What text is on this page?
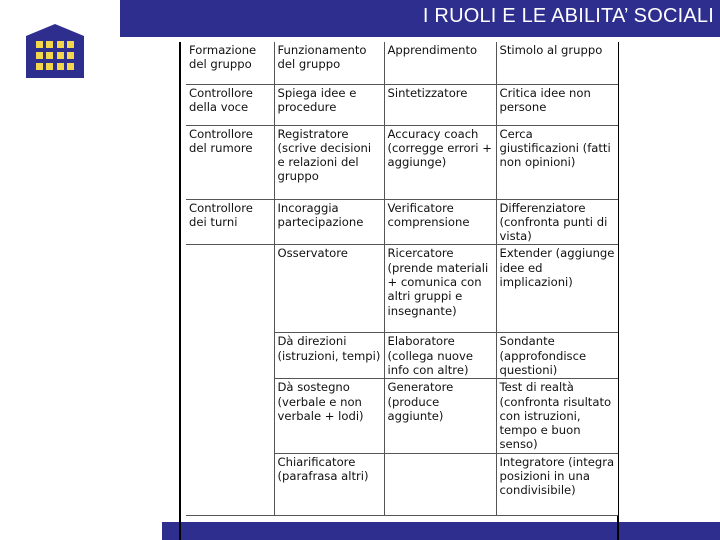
I RUOLI E LE ABILITA’ SOCIALI
Formazione del gruppo	Funzionamento del gruppo	Apprendimento	Stimolo al gruppo
Controllore della voce	Spiega idee e procedure	Sintetizzatore	Critica idee non persone
Controllore del rumore	Registratore (scrive decisioni e relazioni del gruppo	Accuracy coach (corregge errori + aggiunge)	Cerca giustificazioni (fatti non opinioni)
Controllore dei turni	Incoraggia partecipazione	Verificatore comprensione	Differenziatore (confronta punti di vista)
	Osservatore	Ricercatore (prende materiali + comunica con altri gruppi e insegnante)	Extender (aggiunge idee ed implicazioni)
	Dà direzioni (istruzioni, tempi)	Elaboratore (collega nuove info con altre)	Sondante (approfondisce questioni)
	Dà sostegno (verbale e non verbale + lodi)	Generatore (produce aggiunte)	Test di realtà (confronta risultato con istruzioni, tempo e buon senso)
	Chiarificatore (parafrasa altri)		Integratore (integra posizioni in una condivisibile)
